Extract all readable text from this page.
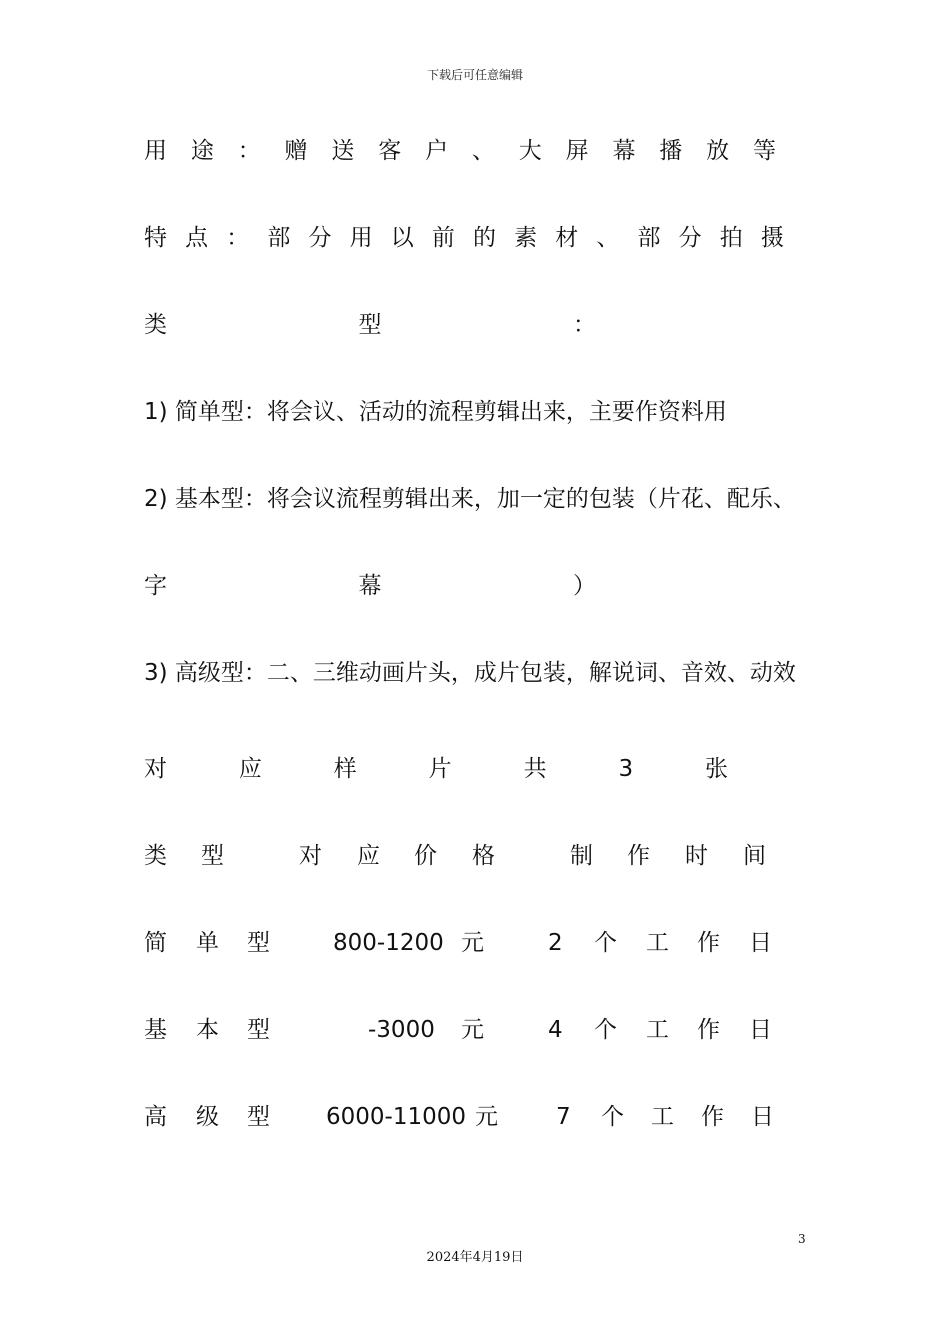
下载后可任意编辑
用 途 ： 赠 送 客 户 、 大 屏 幕 播 放 等
特 点 ： 部 分 用 以 前 的 素 材 、 部 分 拍 摄
类	型	：
1) 简单型：将会议、活动的流程剪辑出来，主要作资料用
2) 基本型：将会议流程剪辑出来，加一定的包装（片花、配乐、
字	幕	）
3) 高级型：二、三维动画片头，成片包装，解说词、音效、动效
对	应	样	片	共	3	张
类 型	对 应 价 格	制 作 时 间
简 单 型	800-1200 元	2 个 工 作 日
基 本 型	-3000 元	4 个 工 作 日
高 级 型 6000-11000 元	7 个 工 作 日
3
2024年4月19日
